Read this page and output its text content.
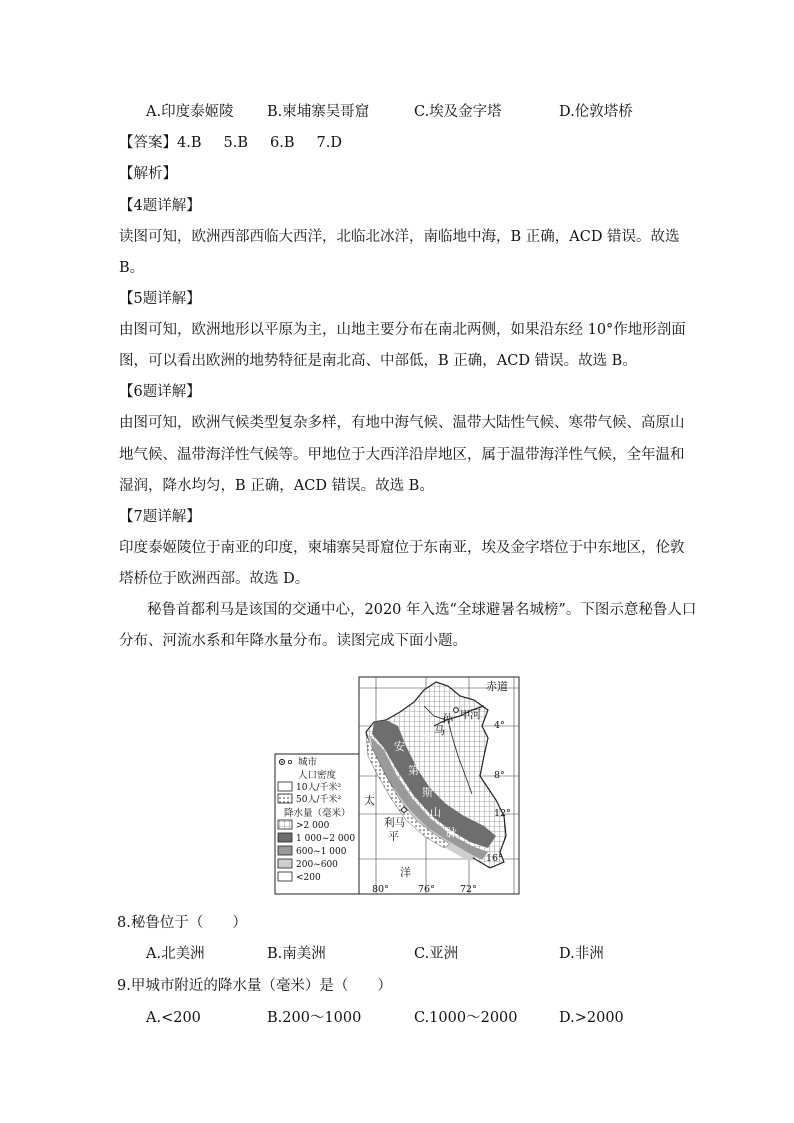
A.印度泰姬陵 B.柬埔寨吴哥窟	C.埃及金字塔	D.伦敦塔桥
【答案】4.B 5.B 6.B 7.D
【解析】
【4题详解】
读图可知，欧洲西部西临大西洋，北临北冰洋，南临地中海，B 正确，ACD 错误。故选
B。
【5题详解】
由图可知，欧洲地形以平原为主，山地主要分布在南北两侧，如果沿东经 10°作地形剖面
图，可以看出欧洲的地势特征是南北高、中部低，B 正确，ACD 错误。故选 B。
【6题详解】
由图可知，欧洲气候类型复杂多样，有地中海气候、温带大陆性气候、寒带气候、高原山
地气候、温带海洋性气候等。甲地位于大西洋沿岸地区，属于温带海洋性气候，全年温和
湿润，降水均匀，B 正确，ACD 错误。故选 B。
【7题详解】
印度泰姬陵位于南亚的印度，柬埔寨吴哥窟位于东南亚，埃及金字塔位于中东地区，伦敦
塔桥位于欧洲西部。故选 D。
秘鲁首都利马是该国的交通中心，2020 年入选“全球避暑名城榜”。下图示意秘鲁人口
分布、河流水系和年降水量分布。读图完成下面小题。
赤道
4°
8°
12°
16°
80°	76°	72°
太
平
洋
利马
安
第
斯
山
脉
亚 马
孙 河
甲
城市
人口密度
10人/千米²
50人/千米²
降水量（毫米）
>2 000
1 000~2 000
600~1 000
200~600
<200
8.秘鲁位于（　　）
A.北美洲	B.南美洲	C.亚洲	D.非洲
9.甲城市附近的降水量（毫米）是（　　）
A.<200	B.200～1000	C.1000～2000	D.>2000
